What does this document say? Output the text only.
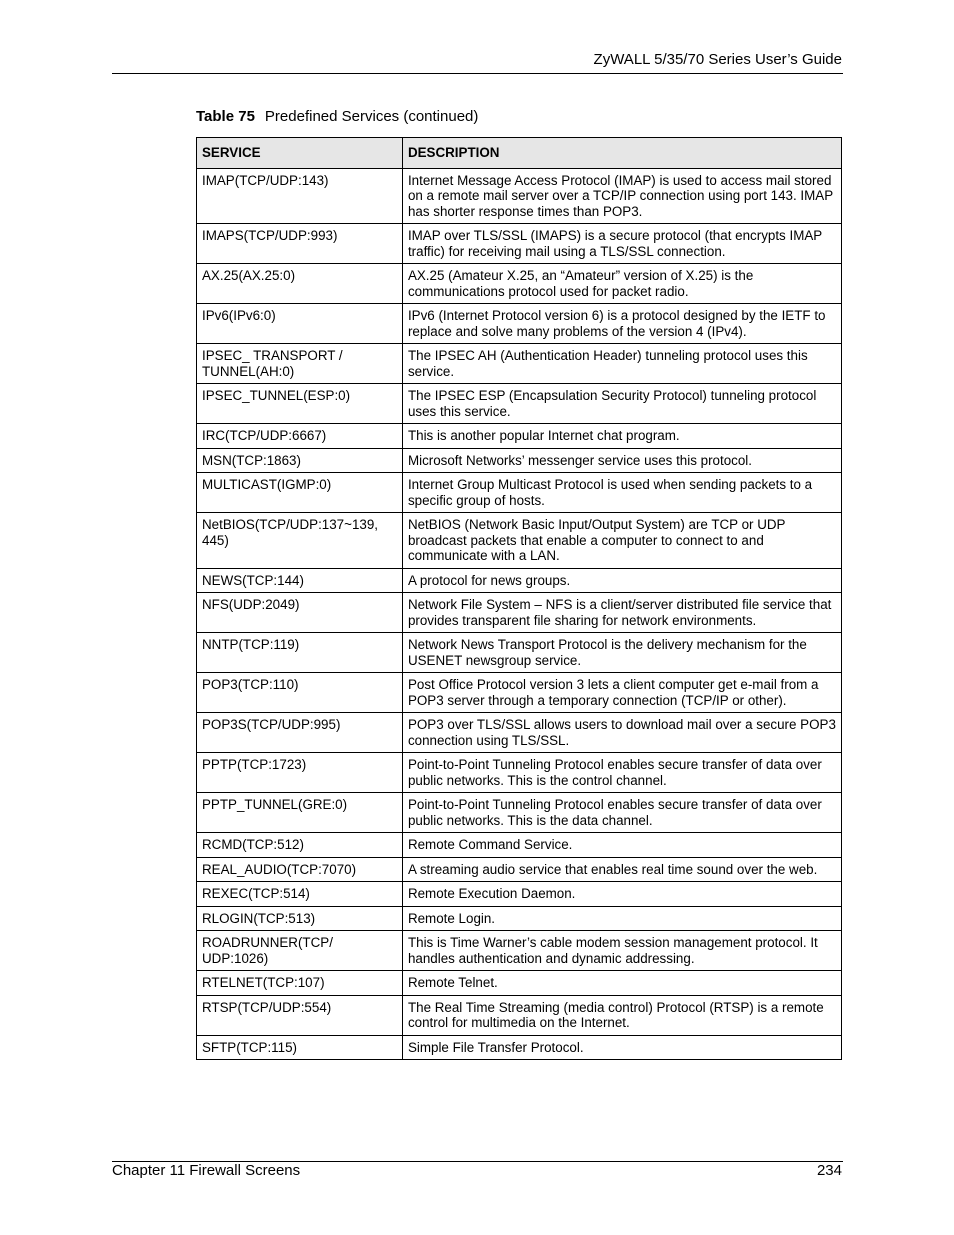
ZyWALL 5/35/70 Series User’s Guide
Table 75 Predefined Services (continued)
SERVICE	DESCRIPTION
IMAP(TCP/UDP:143)	Internet Message Access Protocol (IMAP) is used to access mail stored on a remote mail server over a TCP/IP connection using port 143. IMAP has shorter response times than POP3.
IMAPS(TCP/UDP:993)	IMAP over TLS/SSL (IMAPS) is a secure protocol (that encrypts IMAP traffic) for receiving mail using a TLS/SSL connection.
AX.25(AX.25:0)	AX.25 (Amateur X.25, an “Amateur” version of X.25) is the communications protocol used for packet radio.
IPv6(IPv6:0)	IPv6 (Internet Protocol version 6) is a protocol designed by the IETF to replace and solve many problems of the version 4 (IPv4).
IPSEC_ TRANSPORT / TUNNEL(AH:0)	The IPSEC AH (Authentication Header) tunneling protocol uses this service.
IPSEC_TUNNEL(ESP:0)	The IPSEC ESP (Encapsulation Security Protocol) tunneling protocol uses this service.
IRC(TCP/UDP:6667)	This is another popular Internet chat program.
MSN(TCP:1863)	Microsoft Networks’ messenger service uses this protocol.
MULTICAST(IGMP:0)	Internet Group Multicast Protocol is used when sending packets to a specific group of hosts.
NetBIOS(TCP/UDP:137~139, 445)	NetBIOS (Network Basic Input/Output System) are TCP or UDP broadcast packets that enable a computer to connect to and communicate with a LAN.
NEWS(TCP:144)	A protocol for news groups.
NFS(UDP:2049)	Network File System – NFS is a client/server distributed file service that provides transparent file sharing for network environments.
NNTP(TCP:119)	Network News Transport Protocol is the delivery mechanism for the USENET newsgroup service.
POP3(TCP:110)	Post Office Protocol version 3 lets a client computer get e-mail from a POP3 server through a temporary connection (TCP/IP or other).
POP3S(TCP/UDP:995)	POP3 over TLS/SSL allows users to download mail over a secure POP3 connection using TLS/SSL.
PPTP(TCP:1723)	Point-to-Point Tunneling Protocol enables secure transfer of data over public networks. This is the control channel.
PPTP_TUNNEL(GRE:0)	Point-to-Point Tunneling Protocol enables secure transfer of data over public networks. This is the data channel.
RCMD(TCP:512)	Remote Command Service.
REAL_AUDIO(TCP:7070)	A streaming audio service that enables real time sound over the web.
REXEC(TCP:514)	Remote Execution Daemon.
RLOGIN(TCP:513)	Remote Login.
ROADRUNNER(TCP/ UDP:1026)	This is Time Warner’s cable modem session management protocol. It handles authentication and dynamic addressing.
RTELNET(TCP:107)	Remote Telnet.
RTSP(TCP/UDP:554)	The Real Time Streaming (media control) Protocol (RTSP) is a remote control for multimedia on the Internet.
SFTP(TCP:115)	Simple File Transfer Protocol.
Chapter 11 Firewall Screens	234
